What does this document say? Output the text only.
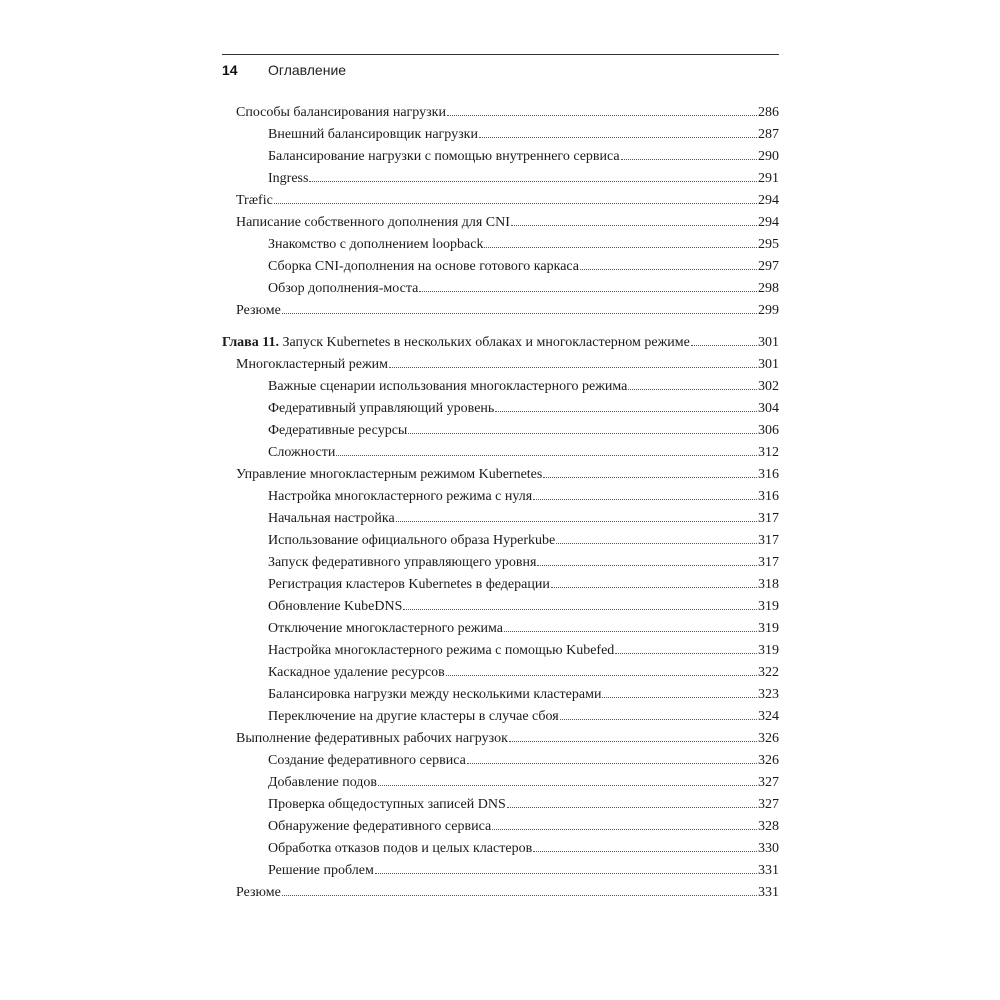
14 Оглавление
Способы балансирования нагрузки	286
Внешний балансировщик нагрузки	287
Балансирование нагрузки с помощью внутреннего сервиса	290
Ingress	291
Træfic	294
Написание собственного дополнения для CNI	294
Знакомство с дополнением loopback	295
Сборка CNI-дополнения на основе готового каркаса	297
Обзор дополнения-моста	298
Резюме	299
Глава 11. Запуск Kubernetes в нескольких облаках и многокластерном режиме	301
Многокластерный режим	301
Важные сценарии использования многокластерного режима	302
Федеративный управляющий уровень	304
Федеративные ресурсы	306
Сложности	312
Управление многокластерным режимом Kubernetes	316
Настройка многокластерного режима с нуля	316
Начальная настройка	317
Использование официального образа Hyperkube	317
Запуск федеративного управляющего уровня	317
Регистрация кластеров Kubernetes в федерации	318
Обновление KubeDNS	319
Отключение многокластерного режима	319
Настройка многокластерного режима с помощью Kubefed	319
Каскадное удаление ресурсов	322
Балансировка нагрузки между несколькими кластерами	323
Переключение на другие кластеры в случае сбоя	324
Выполнение федеративных рабочих нагрузок	326
Создание федеративного сервиса	326
Добавление подов	327
Проверка общедоступных записей DNS	327
Обнаружение федеративного сервиса	328
Обработка отказов подов и целых кластеров	330
Решение проблем	331
Резюме	331
